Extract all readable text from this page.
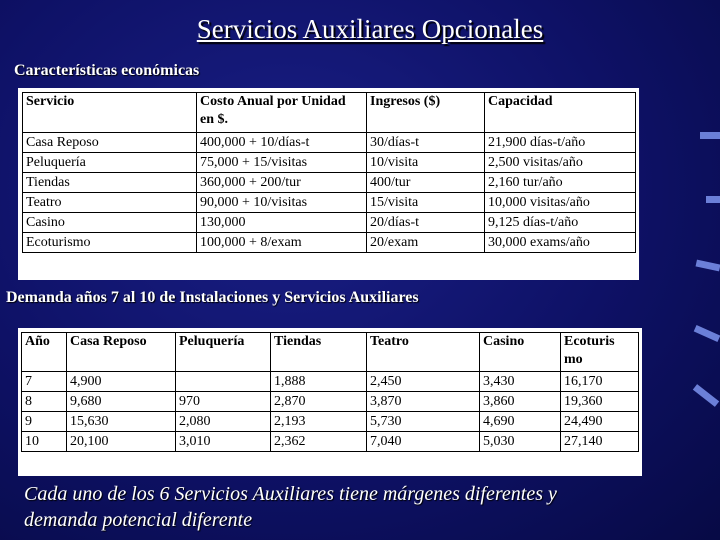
Servicios Auxiliares Opcionales
Características económicas
Servicio	Costo Anual por Unidad en $.	Ingresos ($)	Capacidad
Casa Reposo	400,000 + 10/días-t	30/días-t	21,900 días-t/año
Peluquería	75,000 + 15/visitas	10/visita	2,500 visitas/año
Tiendas	360,000 + 200/tur	400/tur	2,160 tur/año
Teatro	90,000 + 10/visitas	15/visita	10,000 visitas/año
Casino	130,000	20/días-t	9,125 días-t/año
Ecoturismo	100,000 + 8/exam	20/exam	30,000 exams/año
Demanda años 7 al 10 de Instalaciones y Servicios Auxiliares
Año	Casa Reposo	Peluquería	Tiendas	Teatro	Casino	Ecoturis mo
7	4,900		1,888	2,450	3,430	16,170
8	9,680	970	2,870	3,870	3,860	19,360
9	15,630	2,080	2,193	5,730	4,690	24,490
10	20,100	3,010	2,362	7,040	5,030	27,140
Cada uno de los 6 Servicios Auxiliares tiene márgenes diferentes y demanda potencial diferente
